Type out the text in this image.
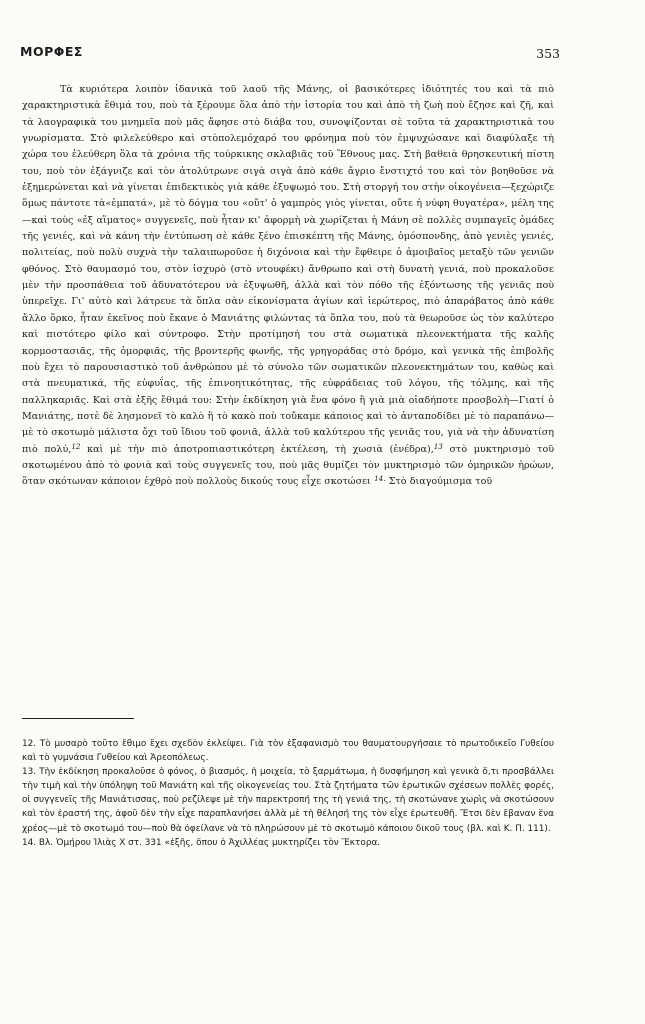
ΜΟΡΦΕΣ	353

Τὰ κυριότερα λοιπὸν ἰδανικὰ τοῦ λαοῦ τῆς Μάνης, οἱ βασικότερες ἰδιότητές του καὶ τὰ πιὸ χαρακτηριστικὰ ἔθιμά του, ποὺ τὰ ξέρουμε ὅλα ἀπὸ τὴν ἱστορία του καὶ ἀπὸ τὴ ζωὴ ποὺ ἔζησε καὶ ζῆ, καὶ τὰ λαογραφικὰ του μνημεῖα ποὺ μᾶς ἄφησε στὸ διάβα του, συνοψίζονται σὲ τοῦτα τὰ χαρακτηριστικὰ του γνωρίσματα. Στὸ φιλελεύθερο καὶ στὸπολεμόχαρό του φρόνημα ποὺ τὸν ἐμψυχώσανε καὶ διαφύλαξε τὴ χώρα του ἐλεύθερη ὅλα τὰ χρόνια τῆς τούρκικης σκλαβιᾶς τοῦ Ἔθνους μας. Στὴ βαθειὰ θρησκευτική πίστη του, ποὺ τὸν ἐξάγνιζε καὶ τὸν ἀτολύτρωνε σιγὰ σιγὰ ἀπὸ κάθε ἄγριο ἔνστιχτό του καὶ τὸν βοηθοῦσε νὰ ἐξημερώνεται καὶ νὰ γίνεται ἐπιδεκτικὸς γιὰ κάθε ἐξυψωμό του. Στὴ στοργή του στὴν οἰκογένεια—ξεχώριζε ὅμως πάντοτε τὰ«ἐμπατά», μὲ τὸ δόγμα του «οὔτ' ὁ γαμπρὸς γιὸς γίνεται, οὔτε ἡ νύφη θυγατέρα», μέλη της—καὶ τοὺς «ἐξ αἵματος» συγγενεῖς, ποὺ ἦταν κι' ἀφορμὴ νὰ χωρίζεται ἡ Μάνη σὲ πολλὲς συμπαγεῖς ὁμάδες τῆς γενιές, καὶ νὰ κάνη τὴν ἐντύπωση σὲ κάθε ξένο ἐπισκέπτη τῆς Μάνης, ὁμόσπονδης, ἀπὸ γενιὲς γενιές, πολιτείας, ποὺ πολὺ συχνὰ τὴν ταλαιπωροῦσε ἡ διχόνοια καὶ τὴν ἔφθειρε ὁ ἀμοιβαῖος μεταξὺ τῶν γενιῶν φθόνος. Στὸ θαυμασμό του, στὸν ἰσχυρὸ (στὸ ντουφέκι) ἄνθρωπο καὶ στὴ δυνατὴ γενιά, ποὺ προκαλοῦσε μὲν τὴν προσπάθεια τοῦ ἀδυνατότερου νὰ ἐξυψωθῆ, ἀλλὰ καὶ τὸν πόθο τῆς ἐξόντωσης τῆς γενιᾶς ποὺ ὑπερεῖχε. Γι' αὐτὸ καὶ λάτρευε τὰ ὅπλα σὰν εἰκονίσματα ἁγίων καὶ ἱερώτερος, πιὸ ἀπαράβατος ἀπὸ κάθε ἄλλο ὅρκο, ἦταν ἐκεῖνος ποὺ ἔκανε ὁ Μανιάτης φιλώντας τὰ ὅπλα του, ποὺ τὰ θεωροῦσε ὡς τὸν καλύτερο καὶ πιστότερο φίλο καὶ σύντροφο. Στὴν προτίμησή του στὰ σωματικὰ πλεονεκτήματα τῆς καλῆς κορμοστασιᾶς, τῆς ὀμορφιᾶς, τῆς βροντερῆς φωνῆς, τῆς γρηγοράδας στὸ δρόμο, καὶ γενικὰ τῆς ἐπιβολῆς ποὺ ἔχει τὸ παρουσιαστικὸ τοῦ ἀνθρώπου μὲ τὸ σύνολο τῶν σωματικῶν πλεονεκτημάτων του, καθὼς καὶ στὰ πνευματικά, τῆς εὐφυΐας, τῆς ἐπινοητικότητας, τῆς εὐφράδειας τοῦ λόγου, τῆς τόλμης, καὶ τῆς παλληκαριᾶς. Καὶ στὰ ἐξῆς ἔθιμά του: Στὴν ἐκδίκηση γιὰ ἕνα φόνο ἢ γιὰ μιὰ οἱαδήποτε προσβολὴ—Γιατί ὁ Μανιάτης, ποτὲ δὲ λησμονεῖ τὸ καλὸ ἢ τὸ κακὸ ποὺ τοὔκαμε κάποιος καὶ τὸ ἀνταποδίδει μὲ τὸ παραπάνω—μὲ τὸ σκοτωμὸ μάλιστα ὄχι τοῦ ἴδιου τοῦ φονιᾶ, ἀλλὰ τοῦ καλύτερου τῆς γενιᾶς του, γιὰ νὰ τὴν ἀδυνατίση πιὸ πολύ,$^{12}$ καὶ μὲ τὴν πιὸ ἀποτροπιαστικότερη ἐκτέλεση, τὴ χωσιὰ (ἐνέδρα),$^{13}$ στὸ μυκτηρισμὸ τοῦ σκοτωμένου ἀπὸ τὸ φονιὰ καὶ τοὺς συγγενεῖς του, ποὺ μᾶς θυμίζει τὸν μυκτηρισμὸ τῶν ὁμηρικῶν ἡρώων, ὅταν σκότωναν κάποιον ἐχθρὸ ποὺ πολλοὺς δικούς τους εἶχε σκοτώσει $^{14.}$ Στὸ διαγούμισμα τοῦ

12. Τὸ μυσαρὸ τοῦτο ἔθιμο ἔχει σχεδὸν ἐκλείψει. Γιὰ τὸν ἐξαφανισμὸ του θαυματουργήσαιε τὸ πρωτοδικεῖο Γυθείου καὶ τὸ γυμνάσια Γυθείου καὶ Ἀρεοπόλεως.

13. Τὴν ἐκδίκηση προκαλοῦσε ὁ φόνος, ὁ βιασμός, ἡ μοιχεία, τὸ ξαρμάτωμα, ἡ δυσφήμηση καὶ γενικὰ ὅ,τι προσβάλλει τὴν τιμὴ καὶ τὴν ὑπόληψη τοῦ Μανιάτη καὶ τῆς οἰκογενείας του. Στὰ ζητήματα τῶν ἐρωτικῶν σχέσεων πολλὲς φορές, οἱ συγγενεῖς τῆς Μανιάτισσας, ποὺ ρεζίλεψε μὲ τὴν παρεκτροπή της τὴ γενιά της, τὴ σκοτώνανε χωρὶς νὰ σκοτώσουν καὶ τὸν ἐραστή της, ἀφοῦ δὲν τὴν εἶχε παραπλανήσει ἀλλὰ μὲ τὴ θέλησή της τὸν εἶχε ἐρωτευθῆ. Ἔτσι δὲν ἔβαναν ἕνα χρέος—μὲ τὸ σκοτωμό του—ποὺ θὰ ὀφείλανε νὰ τὸ πληρώσουν μὲ τὸ σκοτωμὸ κάποιου δικοῦ τους (βλ. καὶ Κ. Π. 111).

14. Βλ. Ὁμήρου Ἰλιὰς Χ στ. 331 «ἐξῆς, ὅπου ὁ Ἀχιλλέας μυκτηρίζει τὸν Ἕκτορα.
